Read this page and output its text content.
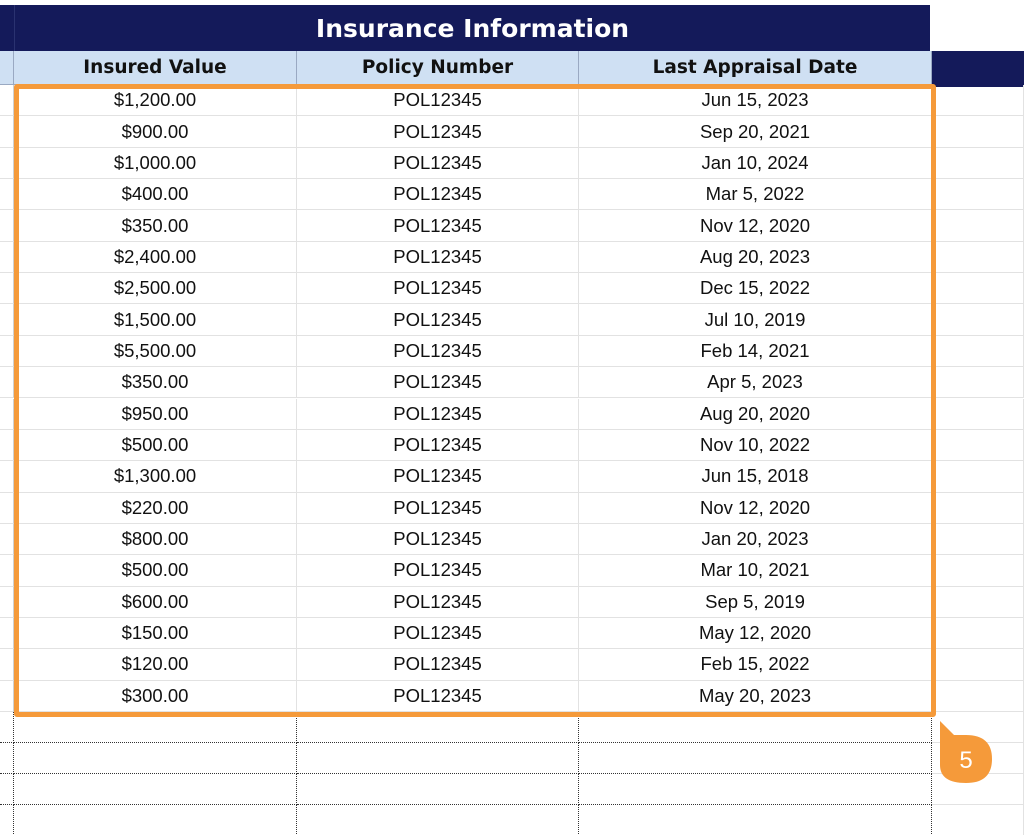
Insurance Information
Insured Value	Policy Number	Last Appraisal Date
$1,200.00	POL12345	Jun 15, 2023
$900.00	POL12345	Sep 20, 2021
$1,000.00	POL12345	Jan 10, 2024
$400.00	POL12345	Mar 5, 2022
$350.00	POL12345	Nov 12, 2020
$2,400.00	POL12345	Aug 20, 2023
$2,500.00	POL12345	Dec 15, 2022
$1,500.00	POL12345	Jul 10, 2019
$5,500.00	POL12345	Feb 14, 2021
$350.00	POL12345	Apr 5, 2023
$950.00	POL12345	Aug 20, 2020
$500.00	POL12345	Nov 10, 2022
$1,300.00	POL12345	Jun 15, 2018
$220.00	POL12345	Nov 12, 2020
$800.00	POL12345	Jan 20, 2023
$500.00	POL12345	Mar 10, 2021
$600.00	POL12345	Sep 5, 2019
$150.00	POL12345	May 12, 2020
$120.00	POL12345	Feb 15, 2022
$300.00	POL12345	May 20, 2023
5
